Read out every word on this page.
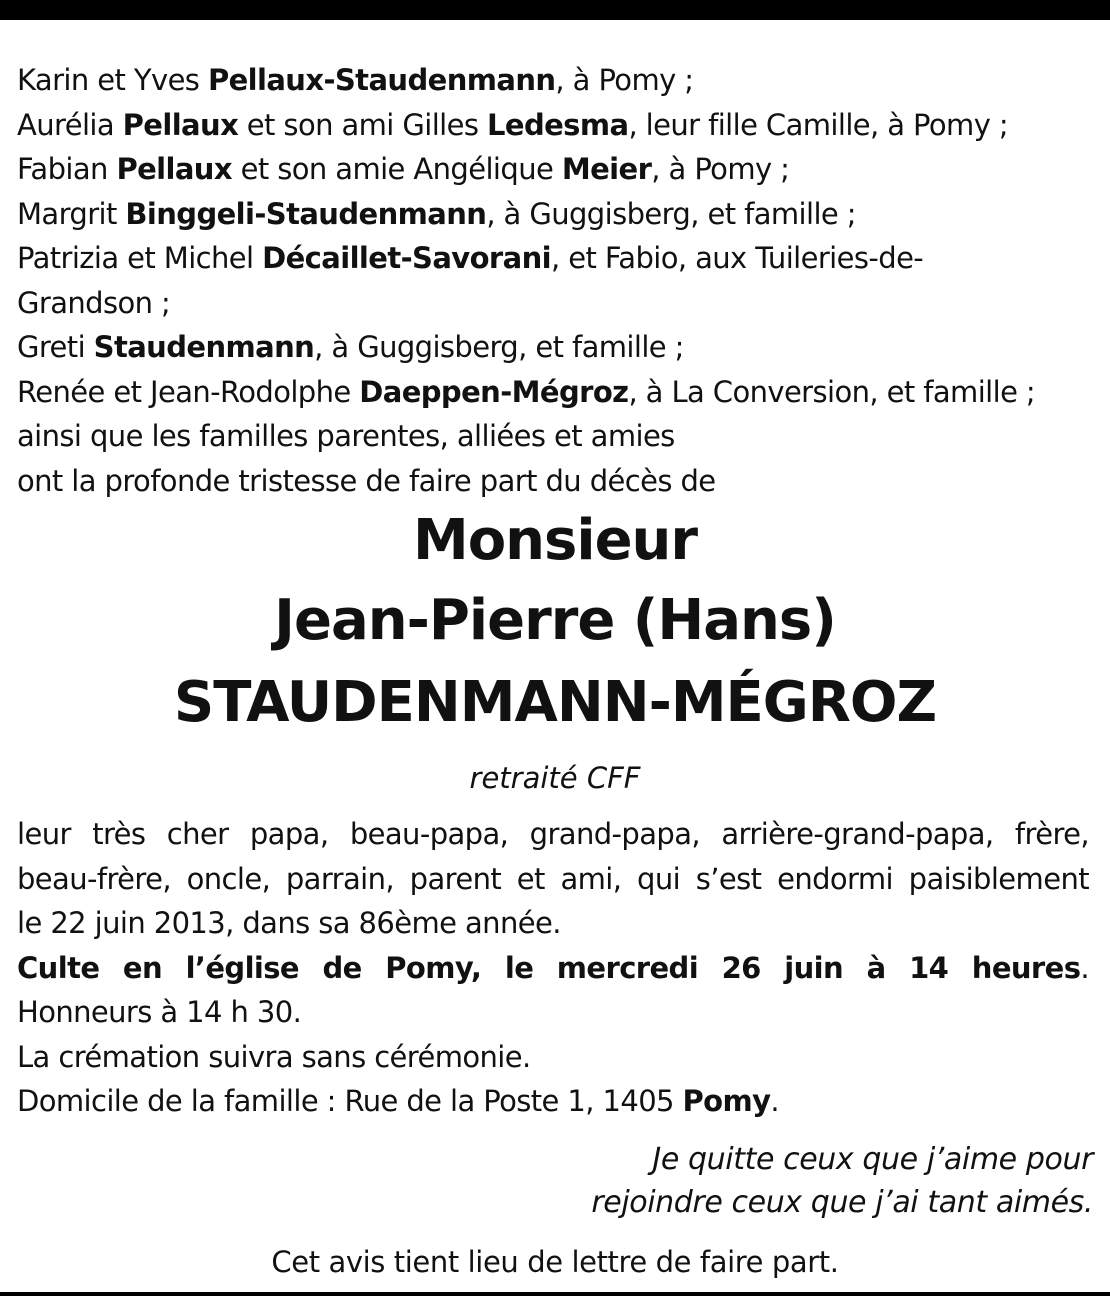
Karin et Yves Pellaux-Staudenmann, à Pomy ;
Aurélia Pellaux et son ami Gilles Ledesma, leur fille Camille, à Pomy ;
Fabian Pellaux et son amie Angélique Meier, à Pomy ;
Margrit Binggeli-Staudenmann, à Guggisberg, et famille ;
Patrizia et Michel Décaillet-Savorani, et Fabio, aux Tuileries-de-
Grandson ;
Greti Staudenmann, à Guggisberg, et famille ;
Renée et Jean-Rodolphe Daeppen-Mégroz, à La Conversion, et famille ;
ainsi que les familles parentes, alliées et amies
ont la profonde tristesse de faire part du décès de
Monsieur
Jean-Pierre (Hans)
STAUDENMANN-MÉGROZ
retraité CFF
leur très cher papa, beau-papa, grand-papa, arrière-grand-papa, frère,
beau-frère, oncle, parrain, parent et ami, qui s’est endormi paisiblement
le 22 juin 2013, dans sa 86ème année.
Culte en l’église de Pomy, le mercredi 26 juin à 14 heures.
Honneurs à 14 h 30.
La crémation suivra sans cérémonie.
Domicile de la famille : Rue de la Poste 1, 1405 Pomy.
Je quitte ceux que j’aime pour
rejoindre ceux que j’ai tant aimés.
Cet avis tient lieu de lettre de faire part.
